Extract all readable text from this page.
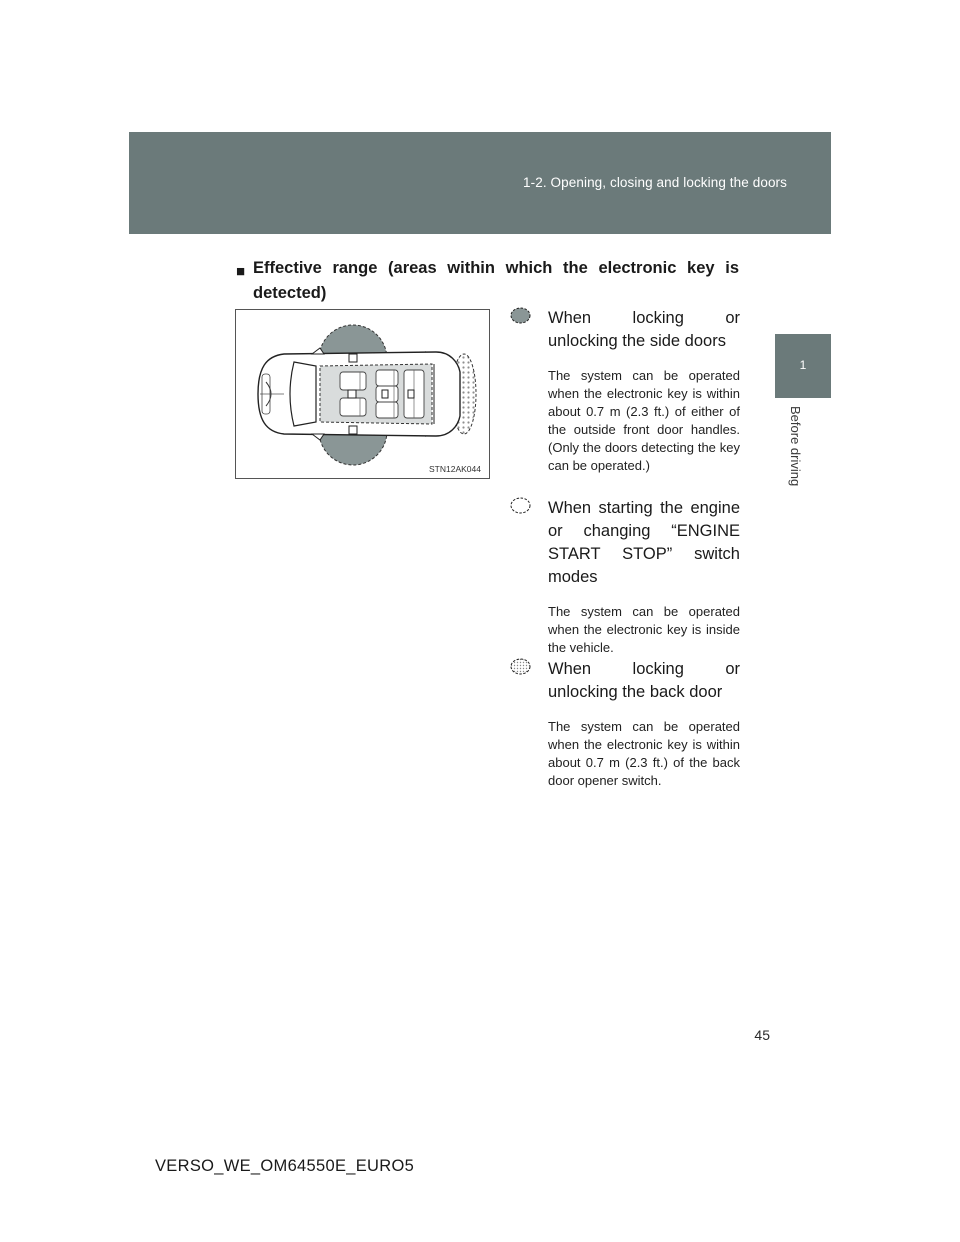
1-2. Opening, closing and locking the doors
1
Before driving
■ Effective range (areas within which the electronic key is detected)
STN12AK044
When locking or unlocking the side doors
The system can be operated when the electronic key is within about 0.7 m (2.3 ft.) of either of the outside front door handles. (Only the doors detecting the key can be operated.)
When starting the engine or changing “ENGINE START STOP” switch modes
The system can be operated when the electronic key is inside the vehicle.
When locking or unlocking the back door
The system can be operated when the electronic key is within about 0.7 m (2.3 ft.) of the back door opener switch.
45
VERSO_WE_OM64550E_EURO5
